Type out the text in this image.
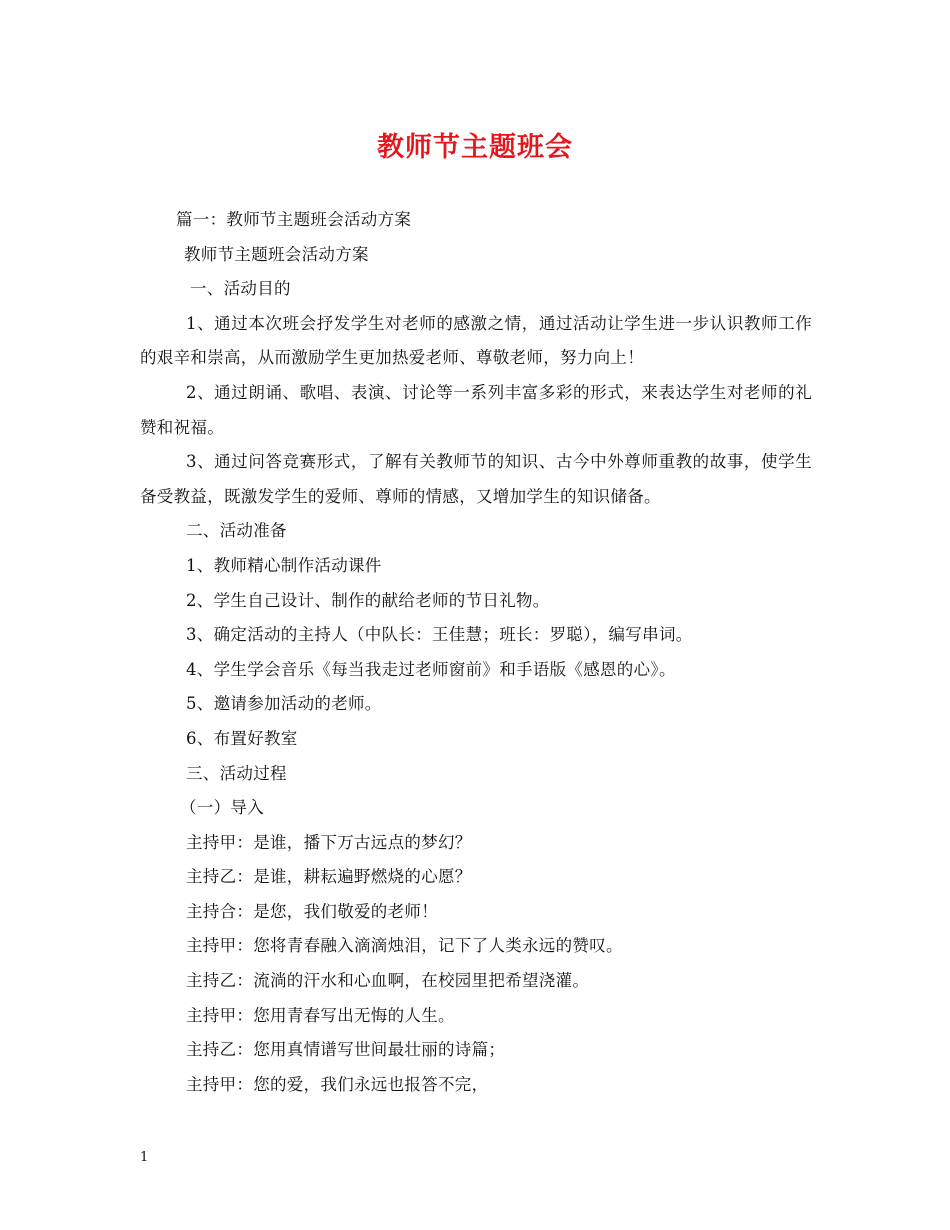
教师节主题班会

篇一：教师节主题班会活动方案

教师节主题班会活动方案

一、活动目的

1、通过本次班会抒发学生对老师的感激之情，通过活动让学生进一步认识教师工作的艰辛和崇高，从而激励学生更加热爱老师、尊敬老师，努力向上！

2、通过朗诵、歌唱、表演、讨论等一系列丰富多彩的形式，来表达学生对老师的礼赞和祝福。

3、通过问答竞赛形式，了解有关教师节的知识、古今中外尊师重教的故事，使学生备受教益，既激发学生的爱师、尊师的情感，又增加学生的知识储备。

二、活动准备

1、教师精心制作活动课件

2、学生自己设计、制作的献给老师的节日礼物。

3、确定活动的主持人（中队长：王佳慧；班长：罗聪），编写串词。

4、学生学会音乐《每当我走过老师窗前》和手语版《感恩的心》。

5、邀请参加活动的老师。

6、布置好教室

三、活动过程

（一）导入

主持甲：是谁，播下万古远点的梦幻？

主持乙：是谁，耕耘遍野燃烧的心愿？

主持合：是您，我们敬爱的老师！

主持甲：您将青春融入滴滴烛泪，记下了人类永远的赞叹。

主持乙：流淌的汗水和心血啊，在校园里把希望浇灌。

主持甲：您用青春写出无悔的人生。

主持乙：您用真情谱写世间最壮丽的诗篇；

主持甲：您的爱，我们永远也报答不完，

1
